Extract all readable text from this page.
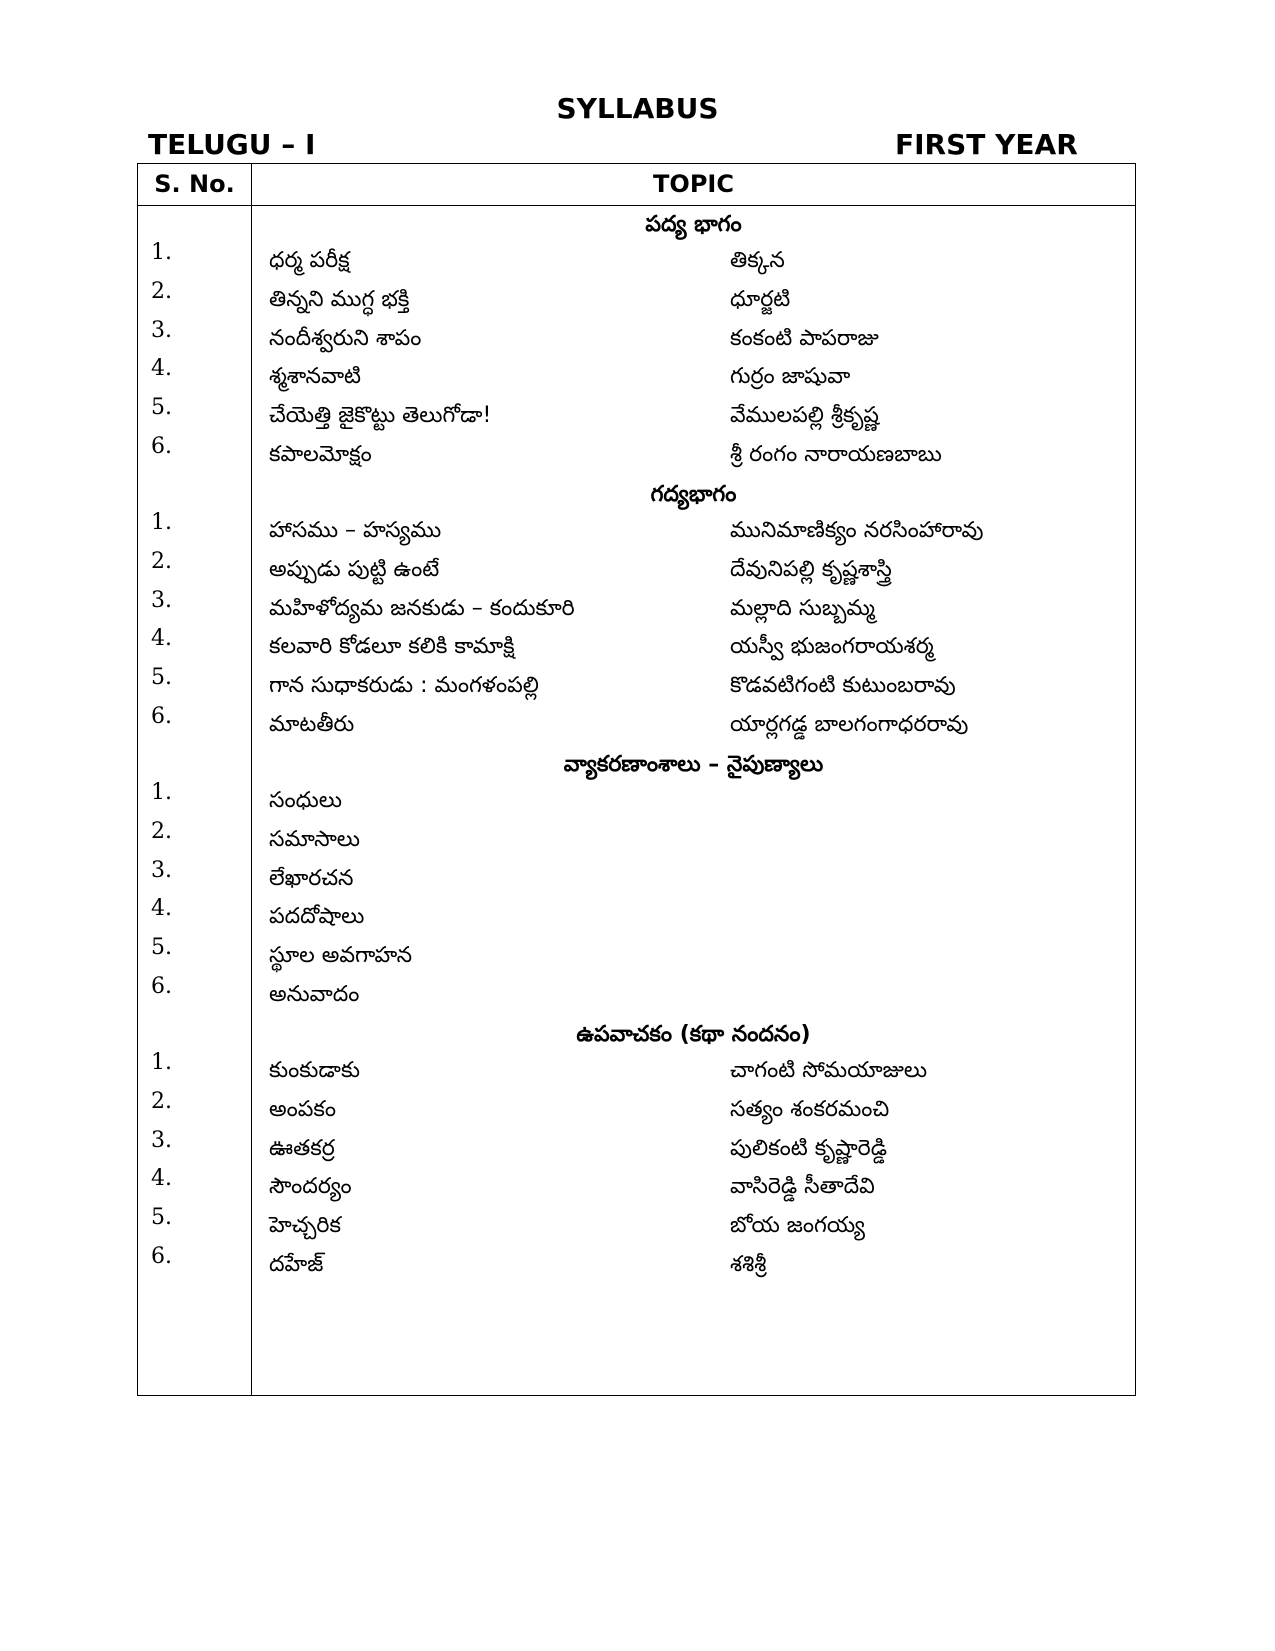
SYLLABUS
TELUGU – I	FIRST YEAR
S. No.	TOPIC
పద్య భాగం
1.	ధర్మ పరీక్ష	తిక్కన
2.	తిన్నని ముగ్ధ భక్తి	ధూర్జటి
3.	నందీశ్వరుని శాపం	కంకంటి పాపరాజు
4.	శ్మశానవాటి	గుర్రం జాషువా
5.	చేయెత్తి జైకొట్టు తెలుగోడా!	వేములపల్లి శ్రీకృష్ణ
6.	కపాలమోక్షం	శ్రీ రంగం నారాయణబాబు
గద్యభాగం
1.	హాసము – హస్యము	మునిమాణిక్యం నరసింహారావు
2.	అప్పుడు పుట్టి ఉంటే	దేవునిపల్లి కృష్ణశాస్త్రి
3.	మహిళోద్యమ జనకుడు – కందుకూరి	మల్లాది సుబ్బమ్మ
4.	కలవారి కోడలూ కలికి కామాక్షి	యస్వీ భుజంగరాయశర్మ
5.	గాన సుధాకరుడు : మంగళంపల్లి	కొడవటిగంటి కుటుంబరావు
6.	మాటతీరు	యార్లగడ్డ బాలగంగాధరరావు
వ్యాకరణాంశాలు – నైపుణ్యాలు
1.	సంధులు
2.	సమాసాలు
3.	లేఖారచన
4.	పదదోషాలు
5.	స్థూల అవగాహన
6.	అనువాదం
ఉపవాచకం (కథా నందనం)
1.	కుంకుడాకు	చాగంటి సోమయాజులు
2.	అంపకం	సత్యం శంకరమంచి
3.	ఊతకర్ర	పులికంటి కృష్ణారెడ్డి
4.	సౌందర్యం	వాసిరెడ్డి సీతాదేవి
5.	హెచ్చరిక	బోయ జంగయ్య
6.	దహేజ్	శశిశ్రీ
